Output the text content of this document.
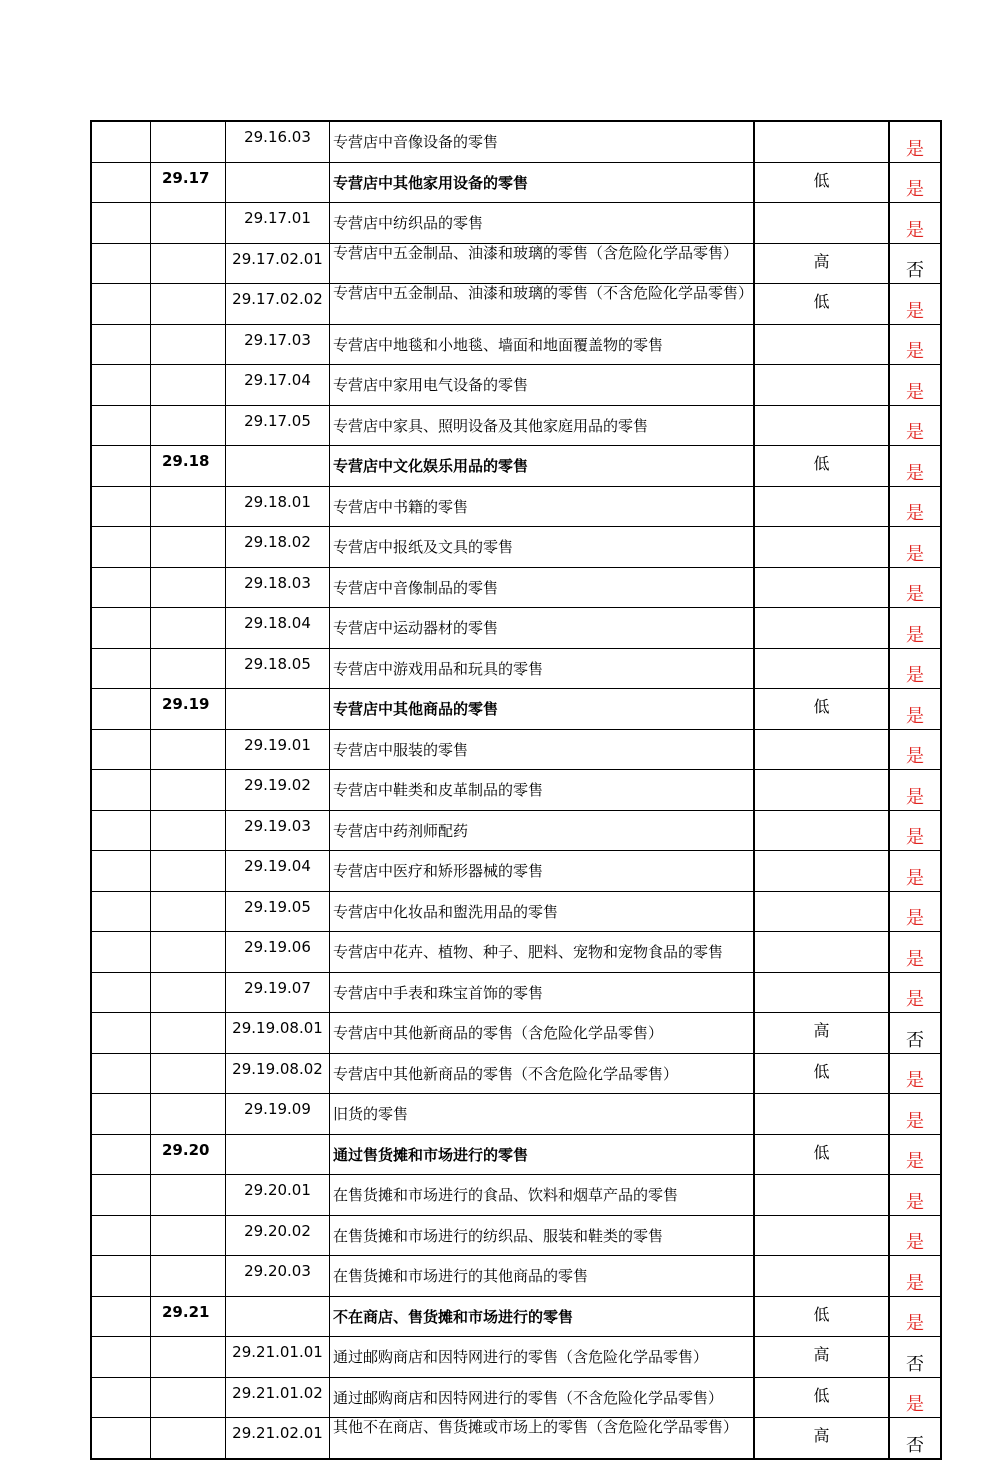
		29.16.03	专营店中音像设备的零售		是
	29.17		专营店中其他家用设备的零售	低	是
		29.17.01	专营店中纺织品的零售		是
		29.17.02.01	专营店中五金制品、油漆和玻璃的零售（含危险化学品零售）	高	否
		29.17.02.02	专营店中五金制品、油漆和玻璃的零售（不含危险化学品零售）	低	是
		29.17.03	专营店中地毯和小地毯、墙面和地面覆盖物的零售		是
		29.17.04	专营店中家用电气设备的零售		是
		29.17.05	专营店中家具、照明设备及其他家庭用品的零售		是
	29.18		专营店中文化娱乐用品的零售	低	是
		29.18.01	专营店中书籍的零售		是
		29.18.02	专营店中报纸及文具的零售		是
		29.18.03	专营店中音像制品的零售		是
		29.18.04	专营店中运动器材的零售		是
		29.18.05	专营店中游戏用品和玩具的零售		是
	29.19		专营店中其他商品的零售	低	是
		29.19.01	专营店中服装的零售		是
		29.19.02	专营店中鞋类和皮革制品的零售		是
		29.19.03	专营店中药剂师配药		是
		29.19.04	专营店中医疗和矫形器械的零售		是
		29.19.05	专营店中化妆品和盥洗用品的零售		是
		29.19.06	专营店中花卉、植物、种子、肥料、宠物和宠物食品的零售		是
		29.19.07	专营店中手表和珠宝首饰的零售		是
		29.19.08.01	专营店中其他新商品的零售（含危险化学品零售）	高	否
		29.19.08.02	专营店中其他新商品的零售（不含危险化学品零售）	低	是
		29.19.09	旧货的零售		是
	29.20		通过售货摊和市场进行的零售	低	是
		29.20.01	在售货摊和市场进行的食品、饮料和烟草产品的零售		是
		29.20.02	在售货摊和市场进行的纺织品、服装和鞋类的零售		是
		29.20.03	在售货摊和市场进行的其他商品的零售		是
	29.21		不在商店、售货摊和市场进行的零售	低	是
		29.21.01.01	通过邮购商店和因特网进行的零售（含危险化学品零售）	高	否
		29.21.01.02	通过邮购商店和因特网进行的零售（不含危险化学品零售）	低	是
		29.21.02.01	其他不在商店、售货摊或市场上的零售（含危险化学品零售）	高	否
